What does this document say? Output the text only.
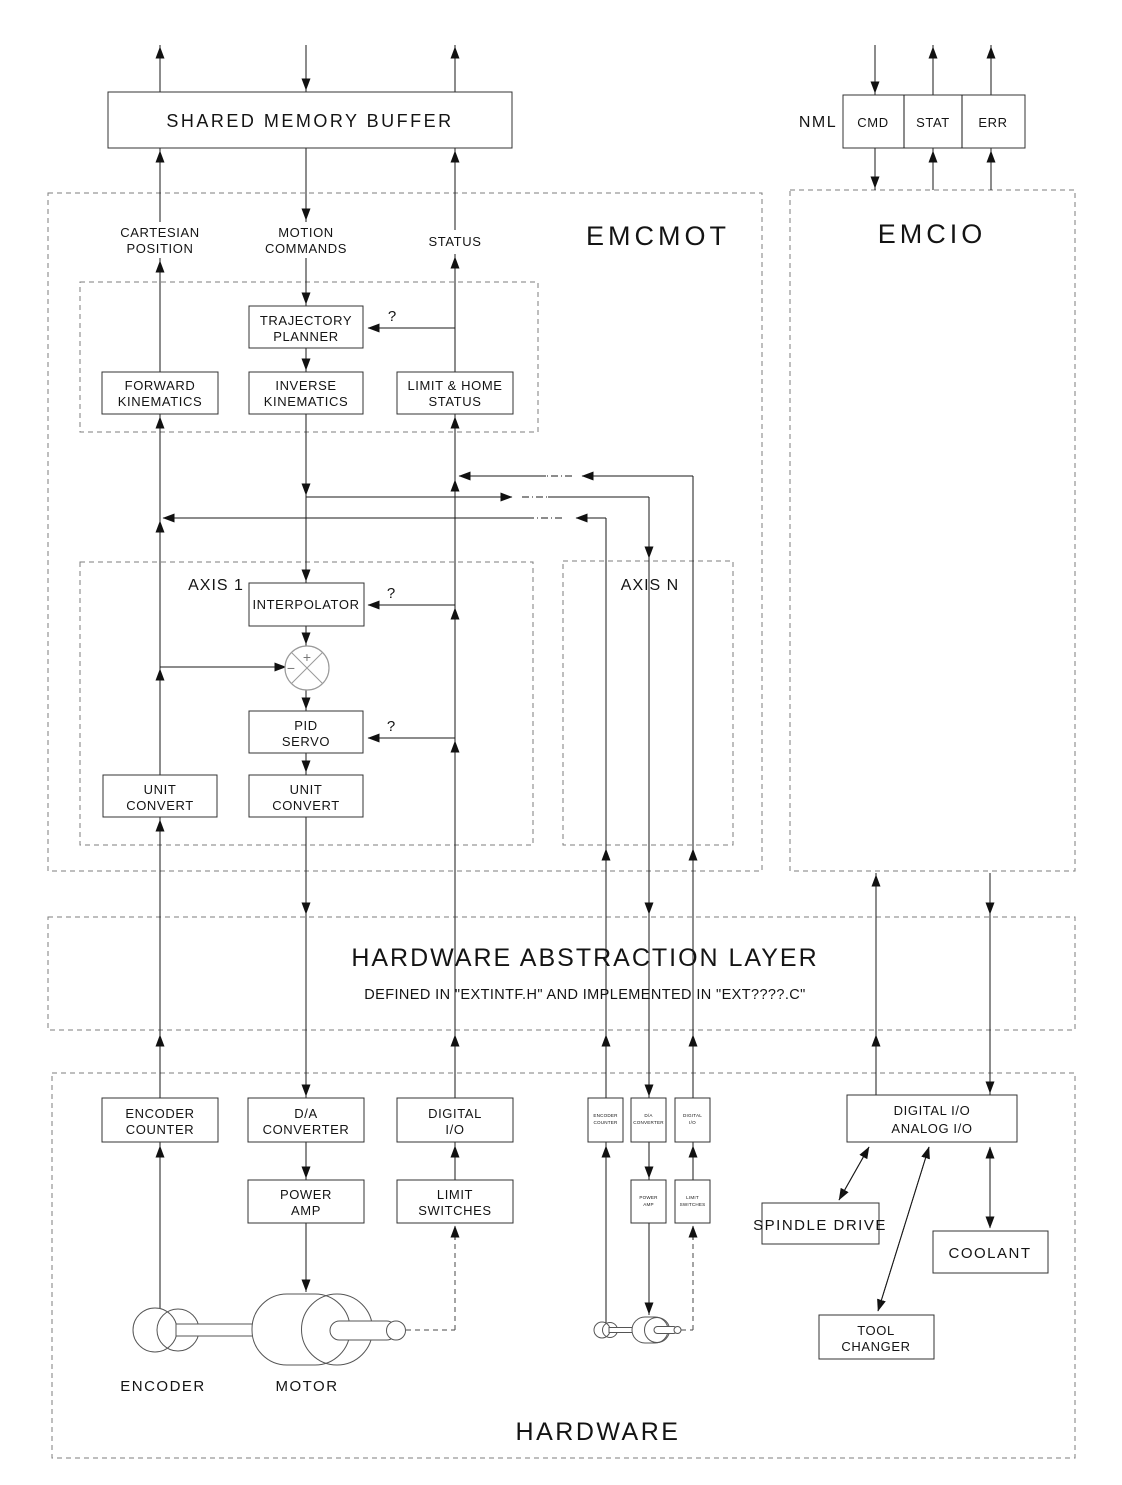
+
−
SHARED MEMORY BUFFER	NML CMD STAT ERR
EMCMOT	EMCIO
CARTESIAN
POSITION
MOTION
COMMANDS	STATUS
TRAJECTORY
PLANNER
?
FORWARD
KINEMATICS
INVERSE
KINEMATICS
LIMIT & HOME
STATUS
AXIS 1	AXIS N
INTERPOLATOR
?
PID
SERVO
?
UNIT
CONVERT
UNIT
CONVERT
HARDWARE ABSTRACTION LAYER
DEFINED IN "EXTINTF.H" AND IMPLEMENTED IN "EXT????.C"
ENCODER
COUNTER
D/A
CONVERTER
DIGITAL
I/O
POWER
AMP
LIMIT
SWITCHES
ENCODER
COUNTER
D/A
CONVERTER
DIGITAL
I/O
POWER
AMP
LIMIT
SWITCHES
DIGITAL I/O
ANALOG I/O
SPINDLE DRIVE
COOLANT
TOOL
CHANGER
ENCODER	MOTOR
HARDWARE
